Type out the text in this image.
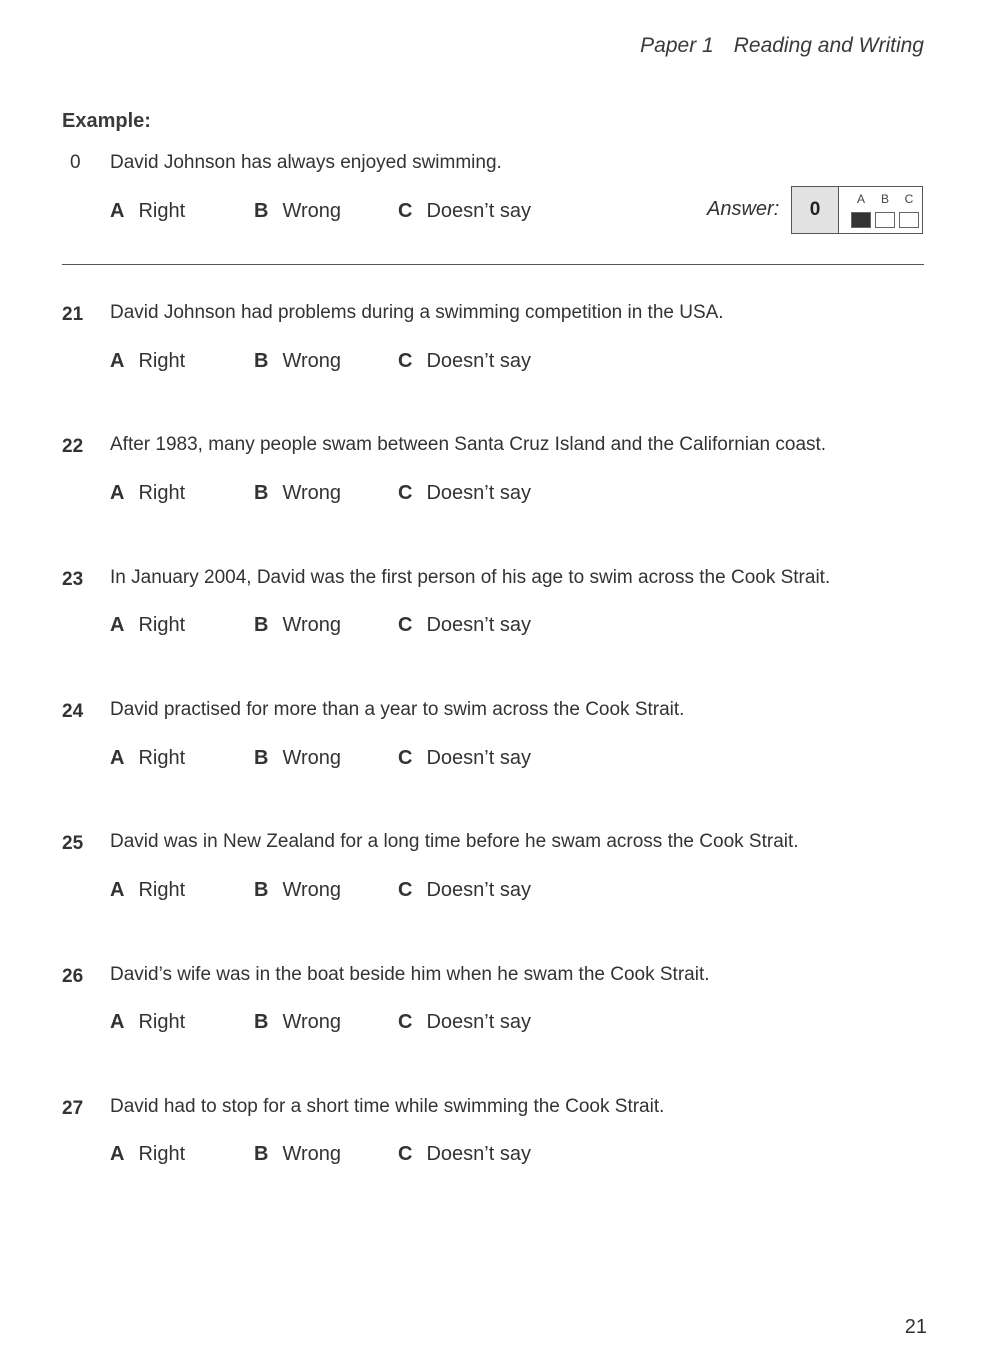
Paper 1 Reading and Writing
Example:
0	David Johnson has always enjoyed swimming.
A Right	B Wrong	C Doesn’t say	Answer:	0	A B C
21	David Johnson had problems during a swimming competition in the USA.
A Right	B Wrong	C Doesn’t say
22	After 1983, many people swam between Santa Cruz Island and the Californian coast.
A Right	B Wrong	C Doesn’t say
23	In January 2004, David was the first person of his age to swim across the Cook Strait.
A Right	B Wrong	C Doesn’t say
24	David practised for more than a year to swim across the Cook Strait.
A Right	B Wrong	C Doesn’t say
25	David was in New Zealand for a long time before he swam across the Cook Strait.
A Right	B Wrong	C Doesn’t say
26	David’s wife was in the boat beside him when he swam the Cook Strait.
A Right	B Wrong	C Doesn’t say
27	David had to stop for a short time while swimming the Cook Strait.
A Right	B Wrong	C Doesn’t say
21
